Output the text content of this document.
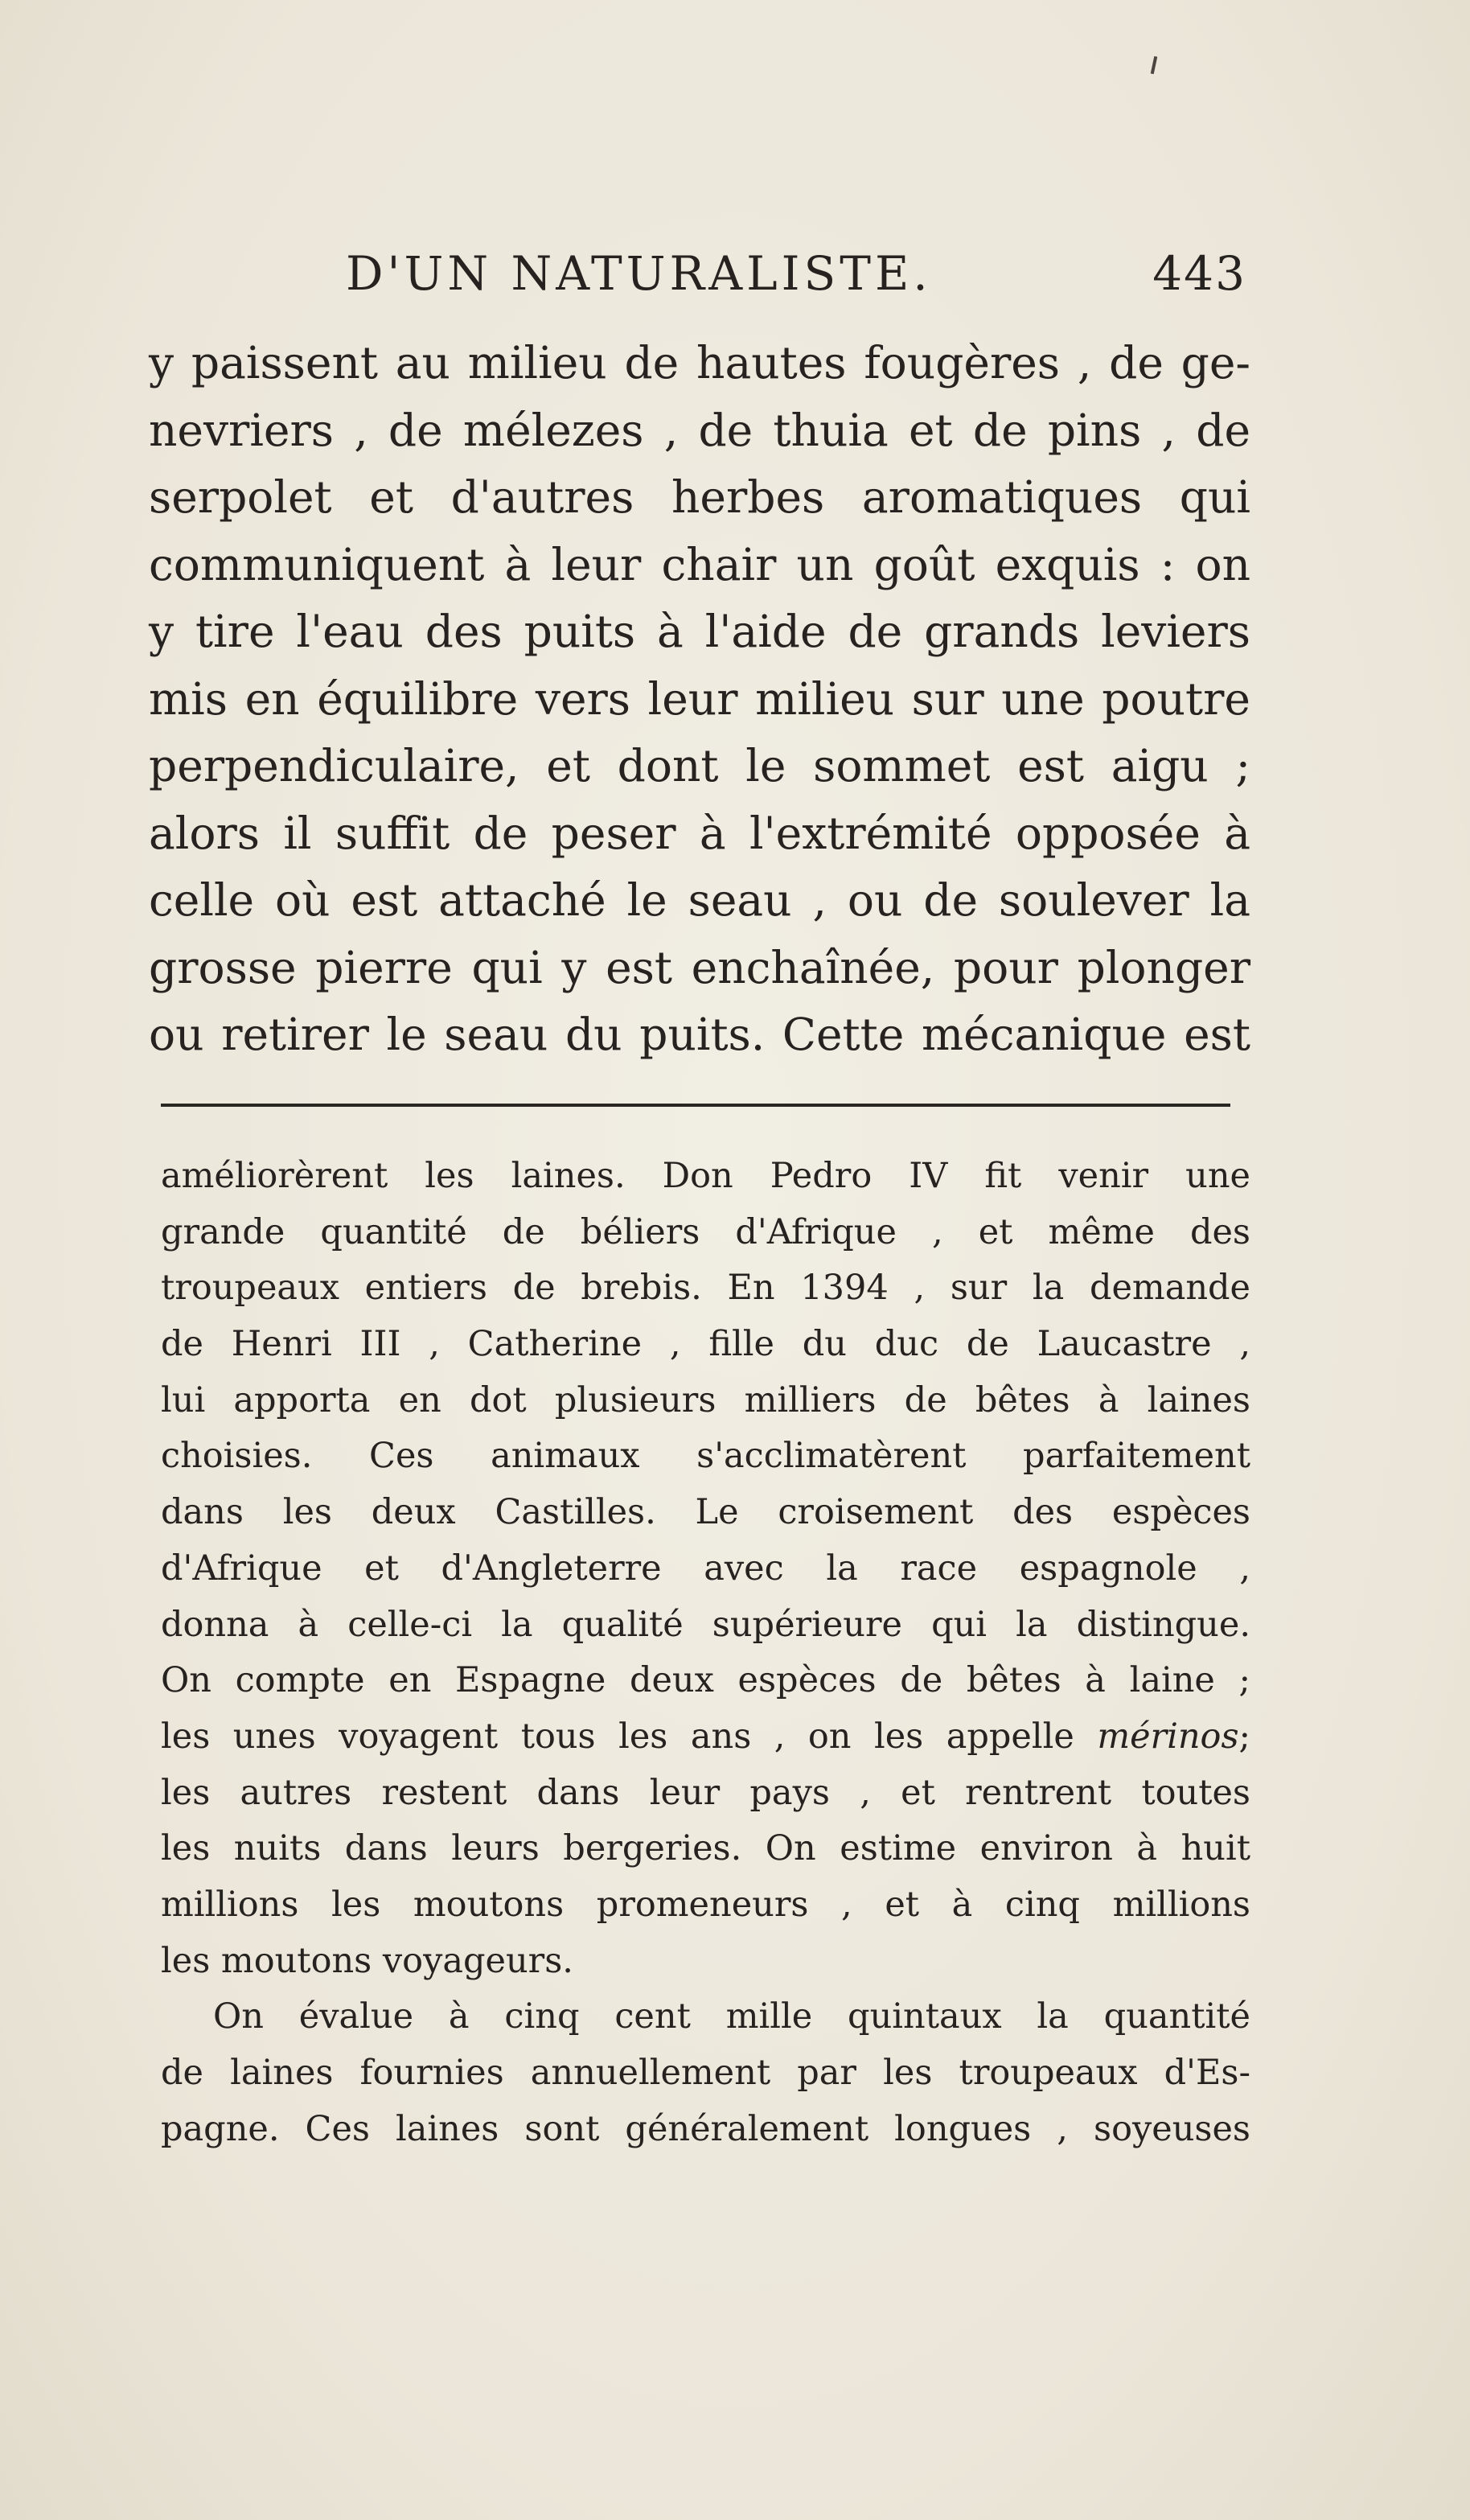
D'UN NATURALISTE.	443
y paissent au milieu de hautes fougères , de ge-
nevriers , de mélezes , de thuia et de pins , de
serpolet et d'autres herbes aromatiques qui
communiquent à leur chair un goût exquis : on
y tire l'eau des puits à l'aide de grands leviers
mis en équilibre vers leur milieu sur une poutre
perpendiculaire, et dont le sommet est aigu ;
alors il suffit de peser à l'extrémité opposée à
celle où est attaché le seau , ou de soulever la
grosse pierre qui y est enchaînée, pour plonger
ou retirer le seau du puits. Cette mécanique est
améliorèrent les laines. Don Pedro IV fit venir une
grande quantité de béliers d'Afrique , et même des
troupeaux entiers de brebis. En 1394 , sur la demande
de Henri III , Catherine , fille du duc de Laucastre ,
lui apporta en dot plusieurs milliers de bêtes à laines
choisies. Ces animaux s'acclimatèrent parfaitement
dans les deux Castilles. Le croisement des espèces
d'Afrique et d'Angleterre avec la race espagnole ,
donna à celle-ci la qualité supérieure qui la distingue.
On compte en Espagne deux espèces de bêtes à laine ;
les unes voyagent tous les ans , on les appelle mérinos;
les autres restent dans leur pays , et rentrent toutes
les nuits dans leurs bergeries. On estime environ à huit
millions les moutons promeneurs , et à cinq millions
les moutons voyageurs.
On évalue à cinq cent mille quintaux la quantité
de laines fournies annuellement par les troupeaux d'Es-
pagne. Ces laines sont généralement longues , soyeuses
